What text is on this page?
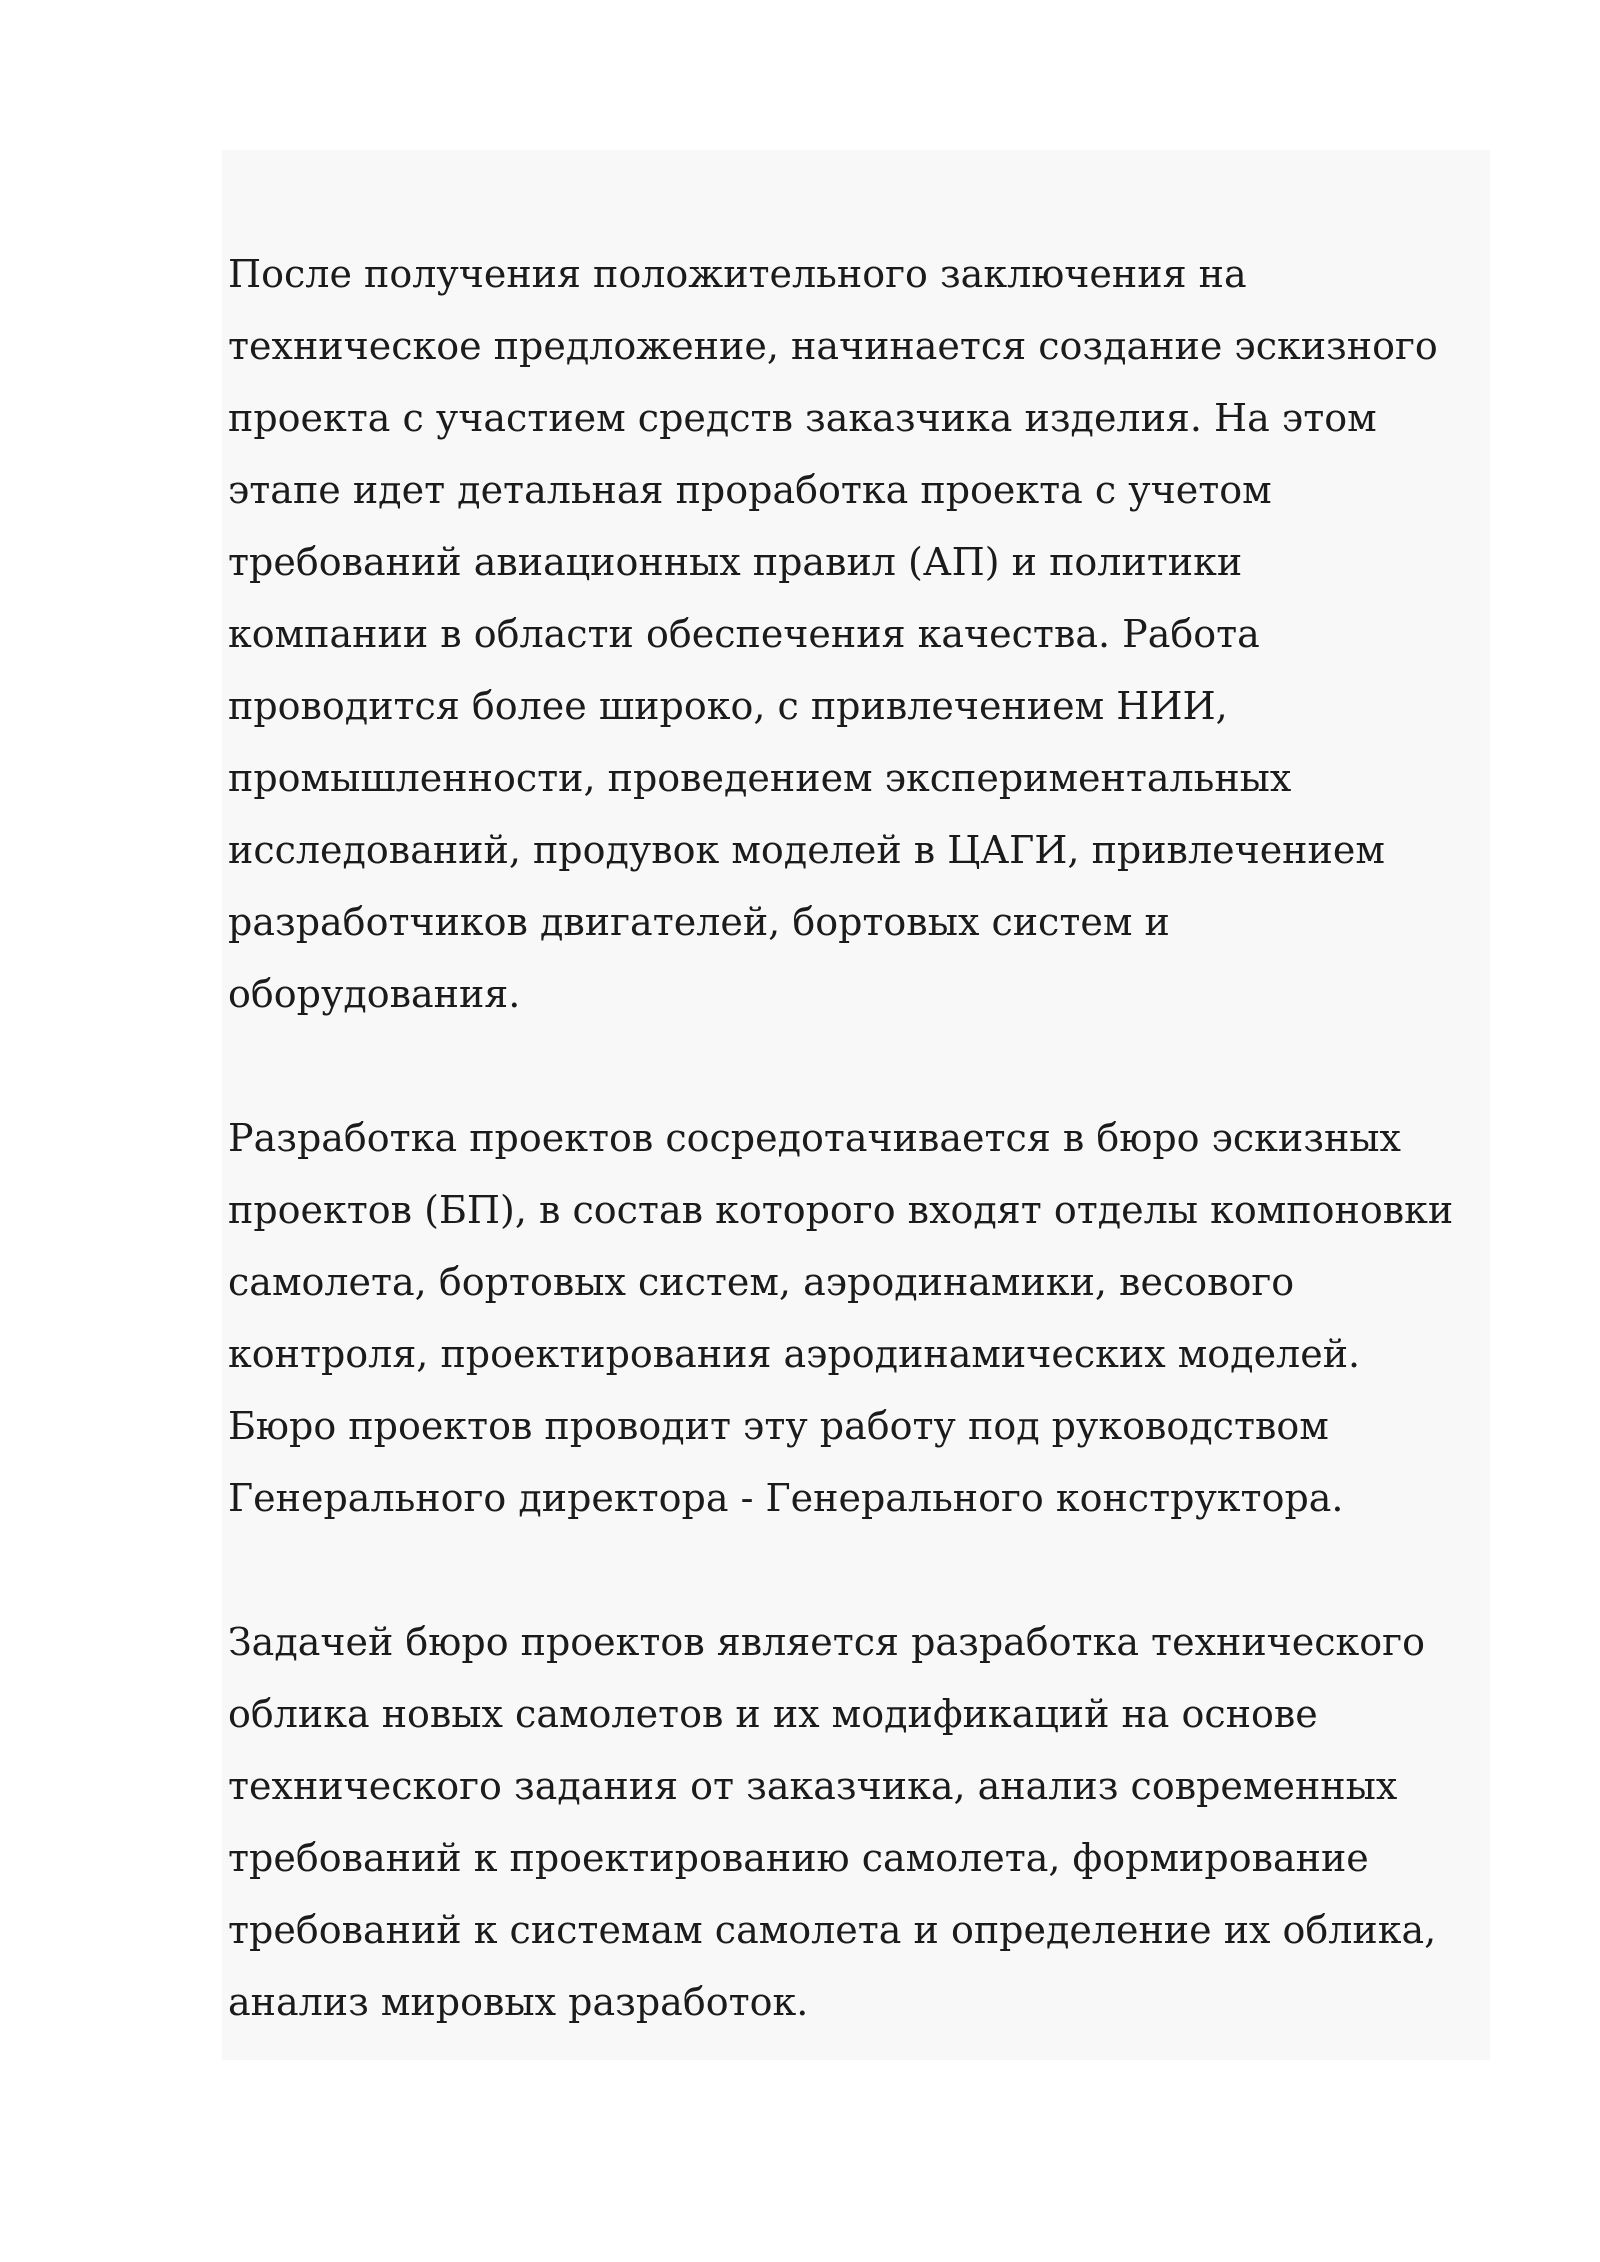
После получения положительного заключения на
техническое предложение, начинается создание эскизного
проекта с участием средств заказчика изделия. На этом
этапе идет детальная проработка проекта с учетом
требований авиационных правил (АП) и политики
компании в области обеспечения качества. Работа
проводится более широко, с привлечением НИИ,
промышленности, проведением экспериментальных
исследований, продувок моделей в ЦАГИ, привлечением
разработчиков двигателей, бортовых систем и
оборудования.

Разработка проектов сосредотачивается в бюро эскизных
проектов (БП), в состав которого входят отделы компоновки
самолета, бортовых систем, аэродинамики, весового
контроля, проектирования аэродинамических моделей.
Бюро проектов проводит эту работу под руководством
Генерального директора - Генерального конструктора.

Задачей бюро проектов является разработка технического
облика новых самолетов и их модификаций на основе
технического задания от заказчика, анализ современных
требований к проектированию самолета, формирование
требований к системам самолета и определение их облика,
анализ мировых разработок.
